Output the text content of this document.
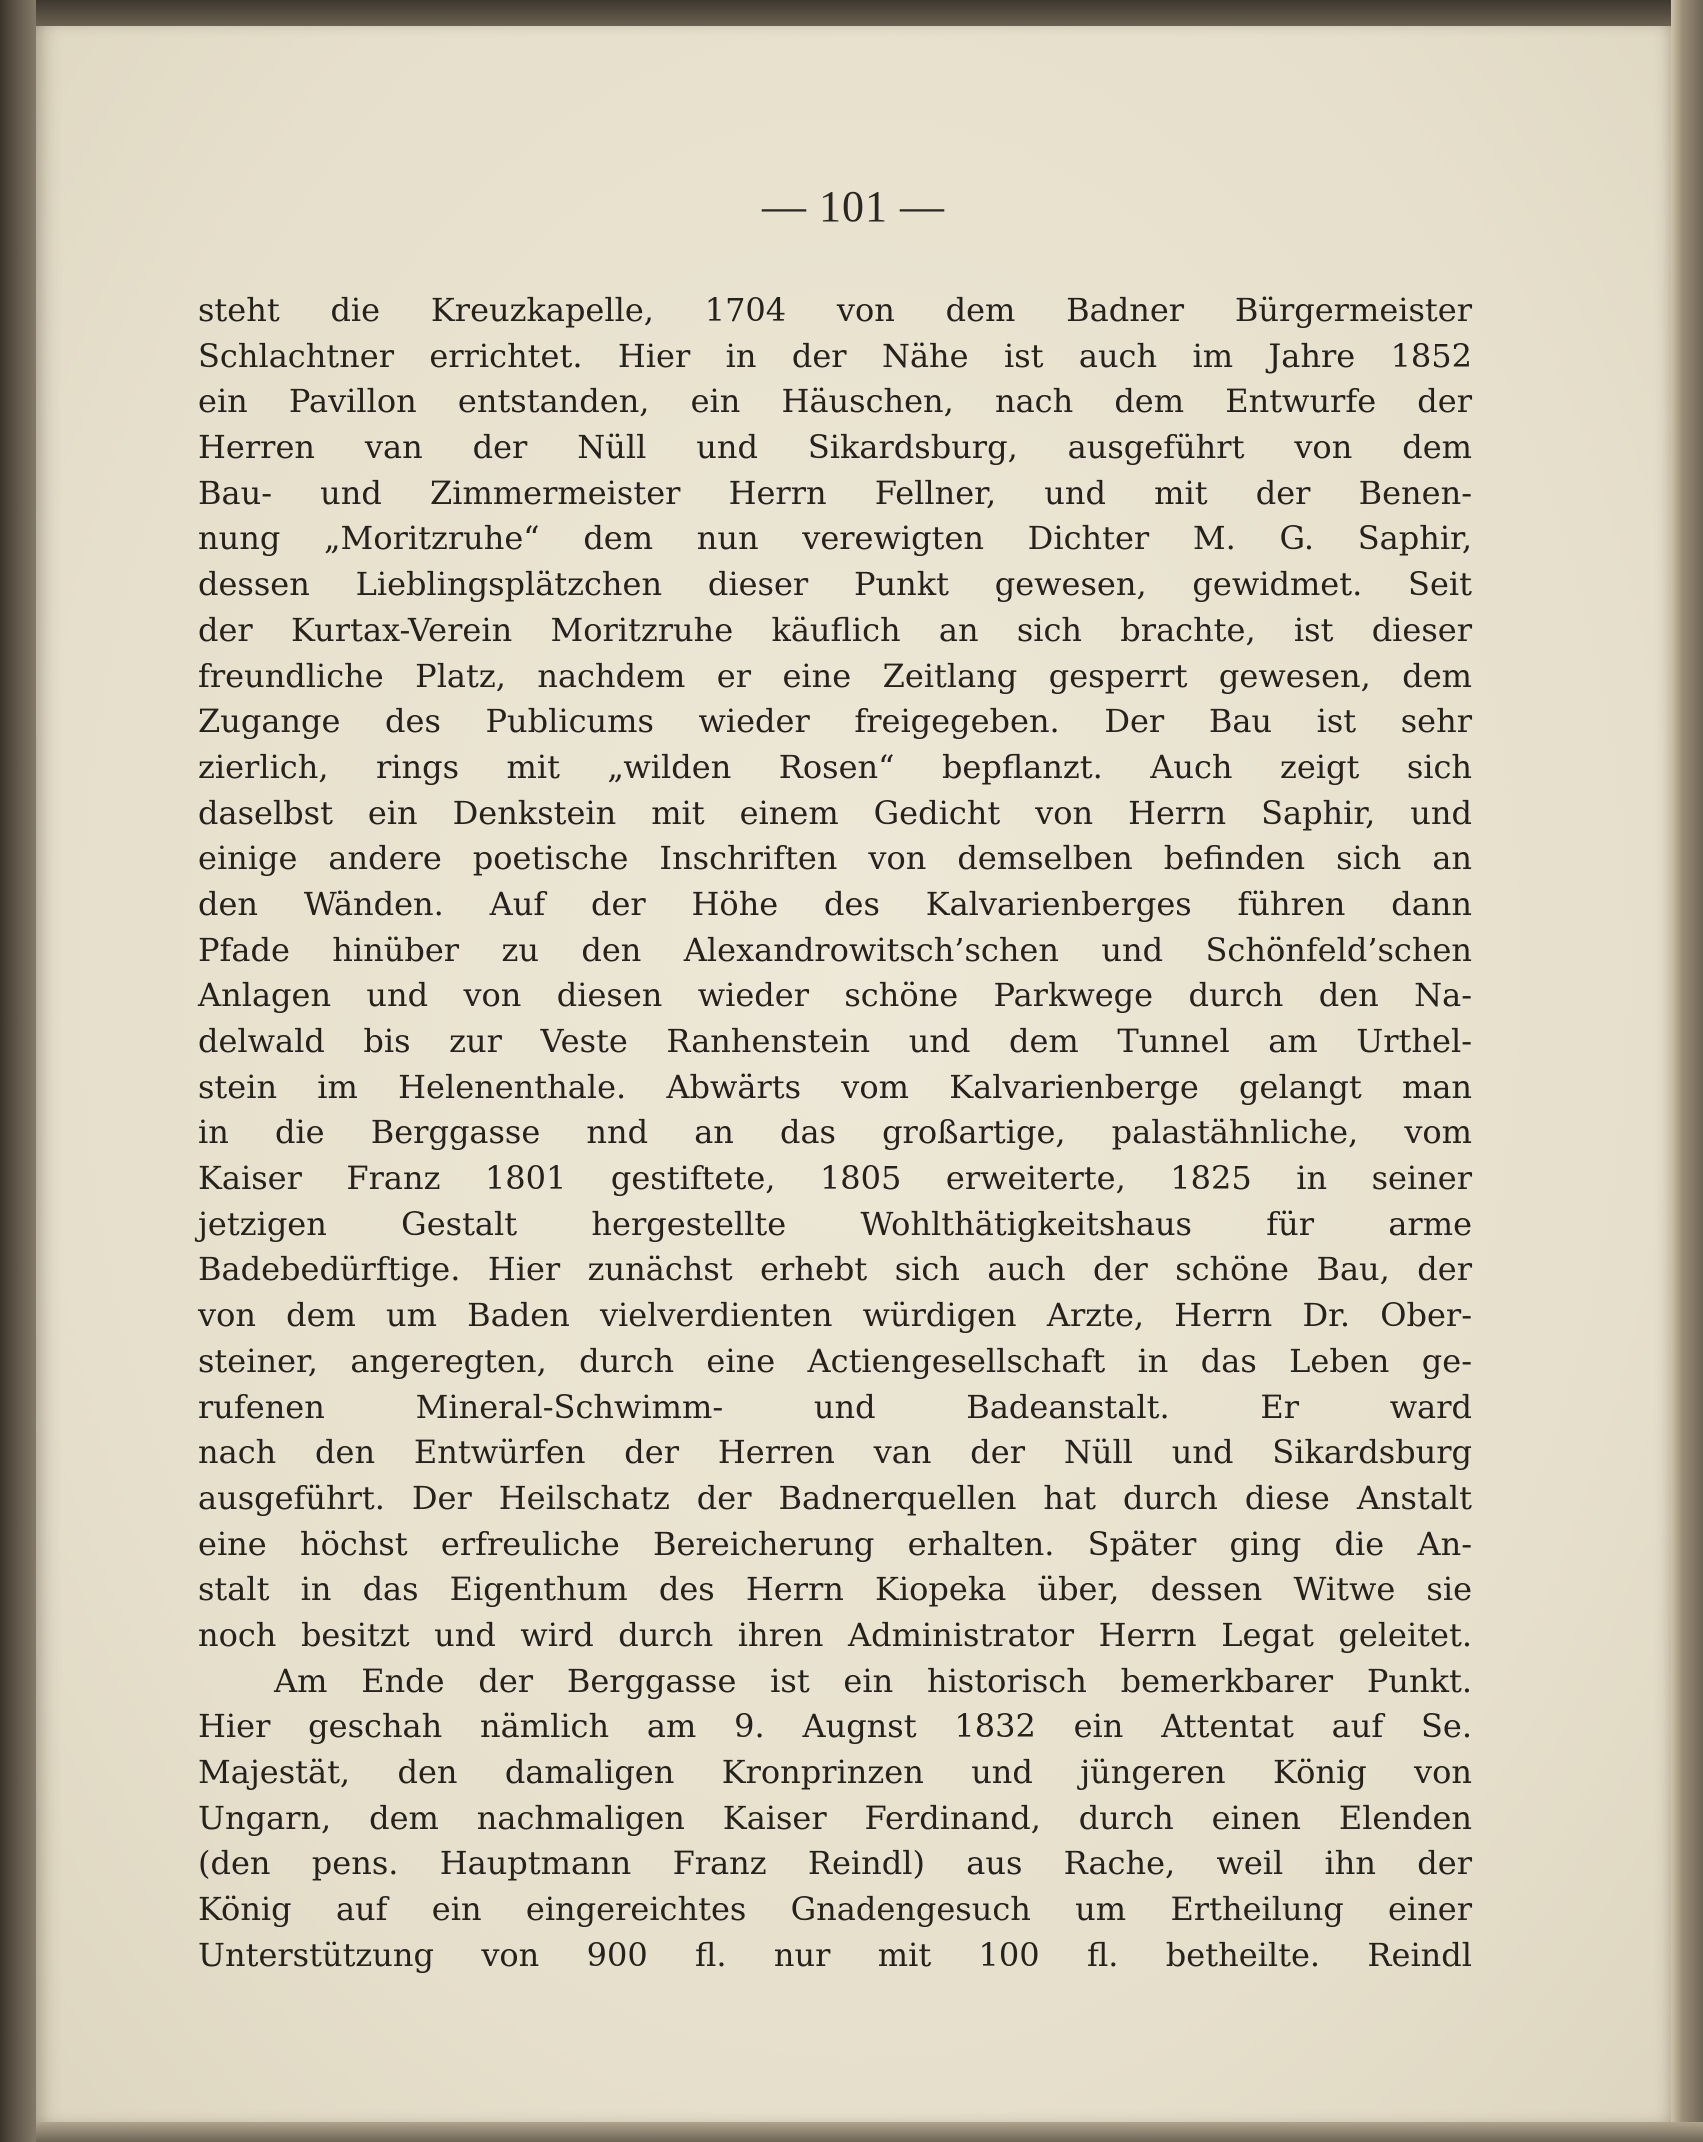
— 101 —
steht die Kreuzkapelle, 1704 von dem Badner Bürgermeister
Schlachtner errichtet. Hier in der Nähe ist auch im Jahre 1852
ein Pavillon entstanden, ein Häuschen, nach dem Entwurfe der
Herren van der Nüll und Sikardsburg, ausgeführt von dem
Bau- und Zimmermeister Herrn Fellner, und mit der Benen-
nung „Moritzruhe“ dem nun verewigten Dichter M. G. Saphir,
dessen Lieblingsplätzchen dieser Punkt gewesen, gewidmet. Seit
der Kurtax-Verein Moritzruhe käuflich an sich brachte, ist dieser
freundliche Platz, nachdem er eine Zeitlang gesperrt gewesen, dem
Zugange des Publicums wieder freigegeben. Der Bau ist sehr
zierlich, rings mit „wilden Rosen“ bepflanzt. Auch zeigt sich
daselbst ein Denkstein mit einem Gedicht von Herrn Saphir, und
einige andere poetische Inschriften von demselben befinden sich an
den Wänden. Auf der Höhe des Kalvarienberges führen dann
Pfade hinüber zu den Alexandrowitsch’schen und Schönfeld’schen
Anlagen und von diesen wieder schöne Parkwege durch den Na-
delwald bis zur Veste Ranhenstein und dem Tunnel am Urthel-
stein im Helenenthale. Abwärts vom Kalvarienberge gelangt man
in die Berggasse nnd an das großartige, palastähnliche, vom
Kaiser Franz 1801 gestiftete, 1805 erweiterte, 1825 in seiner
jetzigen Gestalt hergestellte Wohlthätigkeitshaus für arme
Badebedürftige. Hier zunächst erhebt sich auch der schöne Bau, der
von dem um Baden vielverdienten würdigen Arzte, Herrn Dr. Ober-
steiner, angeregten, durch eine Actiengesellschaft in das Leben ge-
rufenen Mineral-Schwimm- und Badeanstalt. Er ward
nach den Entwürfen der Herren van der Nüll und Sikardsburg
ausgeführt. Der Heilschatz der Badnerquellen hat durch diese Anstalt
eine höchst erfreuliche Bereicherung erhalten. Später ging die An-
stalt in das Eigenthum des Herrn Kiopeka über, dessen Witwe sie
noch besitzt und wird durch ihren Administrator Herrn Legat geleitet.
Am Ende der Berggasse ist ein historisch bemerkbarer Punkt.
Hier geschah nämlich am 9. Augnst 1832 ein Attentat auf Se.
Majestät, den damaligen Kronprinzen und jüngeren König von
Ungarn, dem nachmaligen Kaiser Ferdinand, durch einen Elenden
(den pens. Hauptmann Franz Reindl) aus Rache, weil ihn der
König auf ein eingereichtes Gnadengesuch um Ertheilung einer
Unterstützung von 900 fl. nur mit 100 fl. betheilte. Reindl
